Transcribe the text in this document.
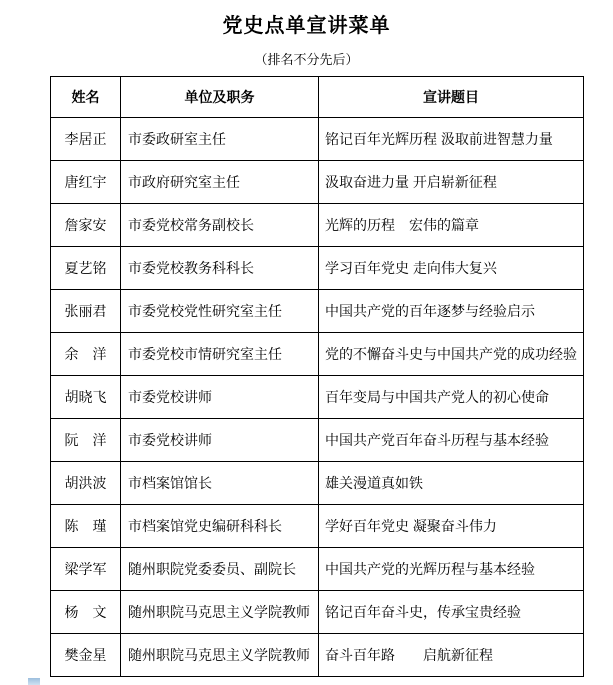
党史点单宣讲菜单
（排名不分先后）
姓名	单位及职务	宣讲题目
李居正	市委政研室主任	铭记百年光辉历程 汲取前进智慧力量
唐红宇	市政府研究室主任	汲取奋进力量 开启崭新征程
詹家安	市委党校常务副校长	光辉的历程　宏伟的篇章
夏艺铭	市委党校教务科科长	学习百年党史 走向伟大复兴
张丽君	市委党校党性研究室主任	中国共产党的百年逐梦与经验启示
余　洋	市委党校市情研究室主任	党的不懈奋斗史与中国共产党的成功经验
胡晓飞	市委党校讲师	百年变局与中国共产党人的初心使命
阮　洋	市委党校讲师	中国共产党百年奋斗历程与基本经验
胡洪波	市档案馆馆长	雄关漫道真如铁
陈　瑾	市档案馆党史编研科科长	学好百年党史 凝聚奋斗伟力
梁学军	随州职院党委委员、副院长	中国共产党的光辉历程与基本经验
杨　文	随州职院马克思主义学院教师	铭记百年奋斗史，传承宝贵经验
樊金星	随州职院马克思主义学院教师	奋斗百年路　　启航新征程
